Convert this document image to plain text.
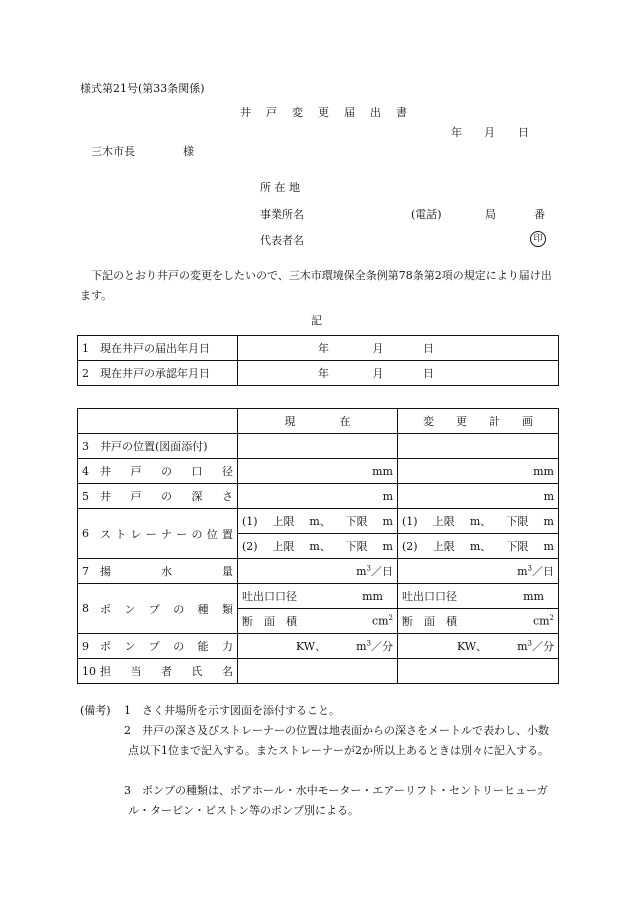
様式第21号(第33条関係)
井　戸　変　更　届　出　書
年 月 日
三木市長	様
所 在 地
事業所名	(電話)	局	番
代表者名	印
下記のとおり井戸の変更をしたいので、三木市環境保全条例第78条第2項の規定により届け出ます。
記
1　現在井戸の届出年月日	年 月 日
2　現在井戸の承認年月日	年 月 日
	現　　　　在	変　　更　　計　　画

3 井戸の位置(図面添付)		

4 井戸の口径	mm	mm

5 井戸の深さ	m	m

6 ストレーナーの位置	(1) 上限 m、 下限 m	(1) 上限 m、 下限 m

	(2) 上限 m、 下限 m	(2) 上限 m、 下限 m

7 揚水量	$m^3/$日	$m^3/$日

8 ポンプの種類	吐出口口径 mm	吐出口口径 mm

	断　面　積 $cm^2$	断　面　積 $cm^2$

9 ポンプの能力	KW、 $m^3/$分	KW、 $m^3/$分

10 担当者氏名		

(備考) 1 さく井場所を示す図面を添付すること。
2	井戸の深さ及びストレーナーの位置は地表面からの深さをメートルで表わし、小数点以下1位まで記入する。またストレーナーが2か所以上あるときは別々に記入する。
3	ポンプの種類は、ボアホール・水中モーター・エアーリフト・セントリーヒューガル・タービン・ピストン等のポンプ別による。
